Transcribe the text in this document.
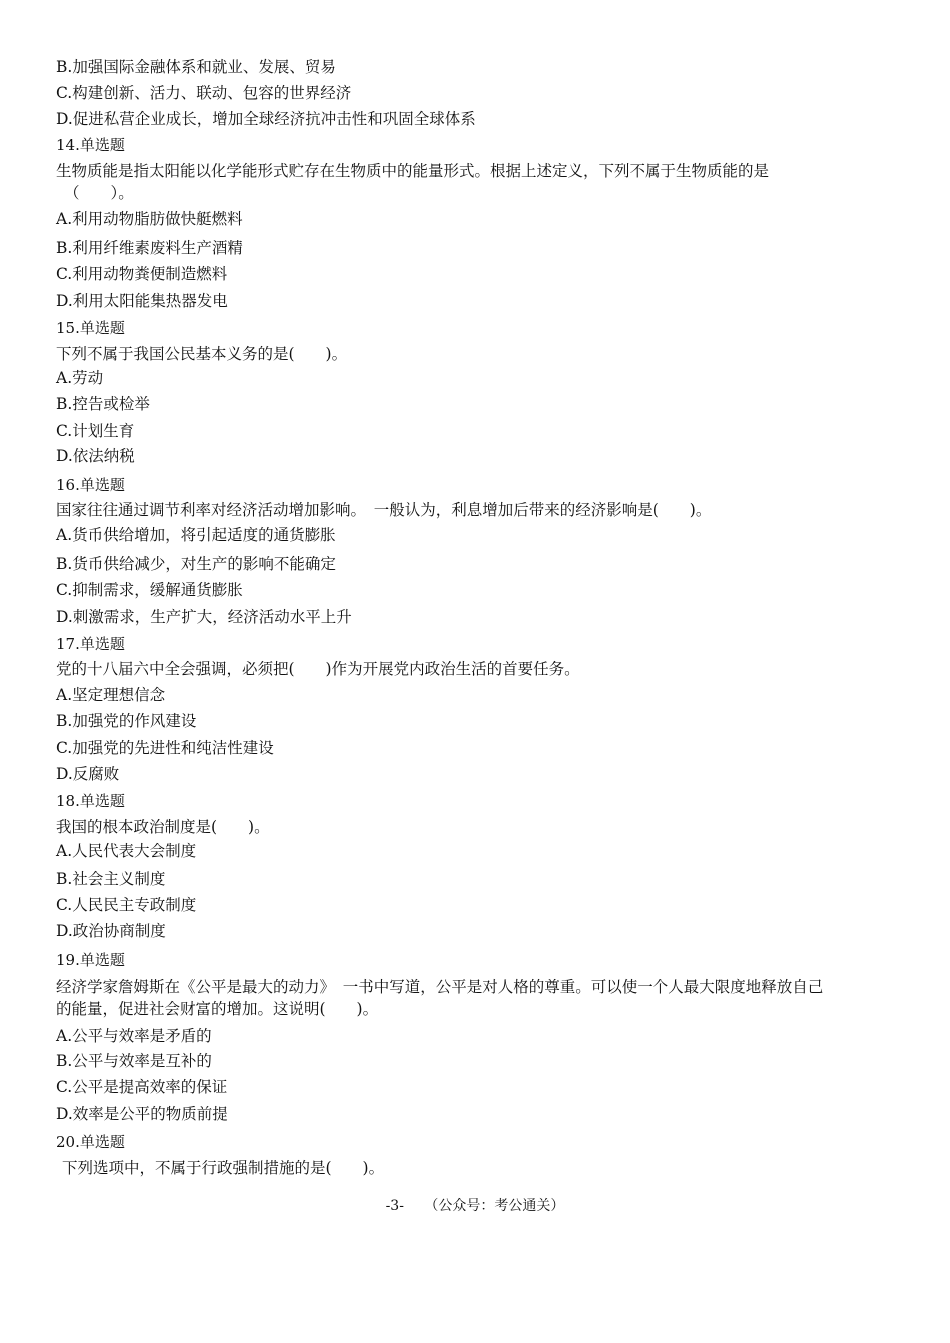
B.加强国际金融体系和就业、发展、贸易
C.构建创新、活力、联动、包容的世界经济
D.促进私营企业成长，增加全球经济抗冲击性和巩固全球体系
14.单选题
生物质能是指太阳能以化学能形式贮存在生物质中的能量形式。根据上述定义，下列不属于生物质能的是
（　　）。
A.利用动物脂肪做快艇燃料
B.利用纤维素废料生产酒精
C.利用动物粪便制造燃料
D.利用太阳能集热器发电
15.单选题
下列不属于我国公民基本义务的是(　　)。
A.劳动
B.控告或检举
C.计划生育
D.依法纳税
16.单选题
国家往往通过调节利率对经济活动增加影响。　一般认为，利息增加后带来的经济影响是(　　)。
A.货币供给增加，将引起适度的通货膨胀
B.货币供给减少，对生产的影响不能确定
C.抑制需求，缓解通货膨胀
D.刺激需求，生产扩大，经济活动水平上升
17.单选题
党的十八届六中全会强调，必须把(　　)作为开展党内政治生活的首要任务。
A.坚定理想信念
B.加强党的作风建设
C.加强党的先进性和纯洁性建设
D.反腐败
18.单选题
我国的根本政治制度是(　　)。
A.人民代表大会制度
B.社会主义制度
C.人民民主专政制度
D.政治协商制度
19.单选题
经济学家詹姆斯在《公平是最大的动力》　一书中写道，公平是对人格的尊重。可以使一个人最大限度地释放自己
的能量，促进社会财富的增加。这说明(　　)。
A.公平与效率是矛盾的
B.公平与效率是互补的
C.公平是提高效率的保证
D.效率是公平的物质前提
20.单选题
下列选项中，不属于行政强制措施的是(　　)。
-3- （公众号：考公通关）
